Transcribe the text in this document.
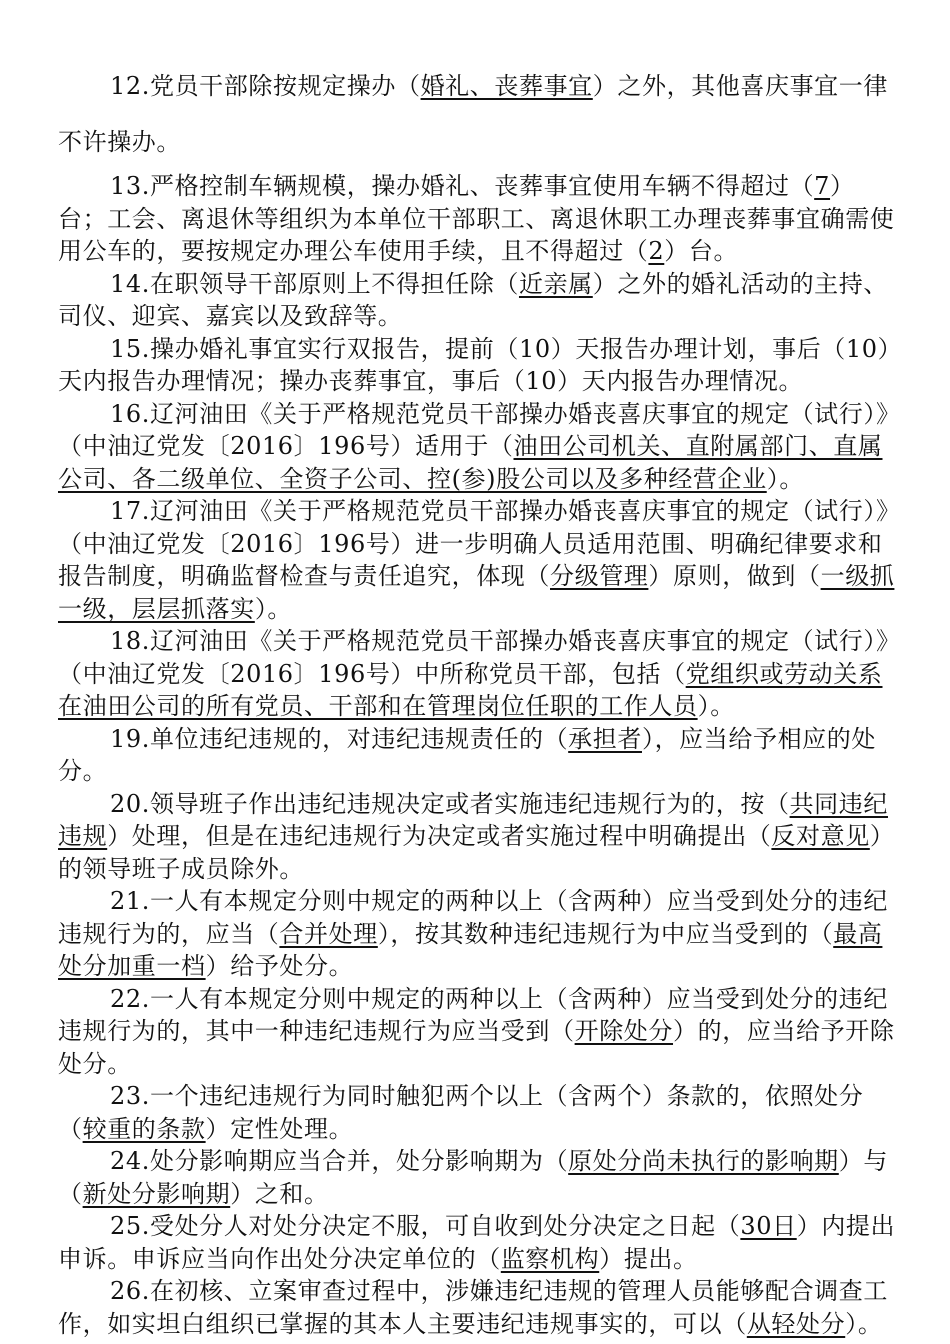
12.党员干部除按规定操办（婚礼、丧葬事宜）之外，其他喜庆事宜一律不许操办。

13.严格控制车辆规模，操办婚礼、丧葬事宜使用车辆不得超过（7）台；工会、离退休等组织为本单位干部职工、离退休职工办理丧葬事宜确需使用公车的，要按规定办理公车使用手续，且不得超过（2）台。

14.在职领导干部原则上不得担任除（近亲属）之外的婚礼活动的主持、司仪、迎宾、嘉宾以及致辞等。

15.操办婚礼事宜实行双报告，提前（10）天报告办理计划，事后（10）天内报告办理情况；操办丧葬事宜，事后（10）天内报告办理情况。

16.辽河油田《关于严格规范党员干部操办婚丧喜庆事宜的规定（试行）》（中油辽党发〔2016〕196号）适用于（油田公司机关、直附属部门、直属公司、各二级单位、全资子公司、控(参)股公司以及多种经营企业）。

17.辽河油田《关于严格规范党员干部操办婚丧喜庆事宜的规定（试行）》（中油辽党发〔2016〕196号）进一步明确人员适用范围、明确纪律要求和报告制度，明确监督检查与责任追究，体现（分级管理）原则，做到（一级抓一级，层层抓落实）。

18.辽河油田《关于严格规范党员干部操办婚丧喜庆事宜的规定（试行）》（中油辽党发〔2016〕196号）中所称党员干部，包括（党组织或劳动关系在油田公司的所有党员、干部和在管理岗位任职的工作人员）。

19.单位违纪违规的，对违纪违规责任的（承担者），应当给予相应的处分。

20.领导班子作出违纪违规决定或者实施违纪违规行为的，按（共同违纪违规）处理，但是在违纪违规行为决定或者实施过程中明确提出（反对意见）的领导班子成员除外。

21.一人有本规定分则中规定的两种以上（含两种）应当受到处分的违纪违规行为的，应当（合并处理），按其数种违纪违规行为中应当受到的（最高处分加重一档）给予处分。

22.一人有本规定分则中规定的两种以上（含两种）应当受到处分的违纪违规行为的，其中一种违纪违规行为应当受到（开除处分）的，应当给予开除处分。

23.一个违纪违规行为同时触犯两个以上（含两个）条款的，依照处分（较重的条款）定性处理。

24.处分影响期应当合并，处分影响期为（原处分尚未执行的影响期）与（新处分影响期）之和。

25.受处分人对处分决定不服，可自收到处分决定之日起（30日）内提出申诉。申诉应当向作出处分决定单位的（监察机构）提出。

26.在初核、立案审查过程中，涉嫌违纪违规的管理人员能够配合调查工作，如实坦白组织已掌握的其本人主要违纪违规事实的，可以（从轻处分）。
